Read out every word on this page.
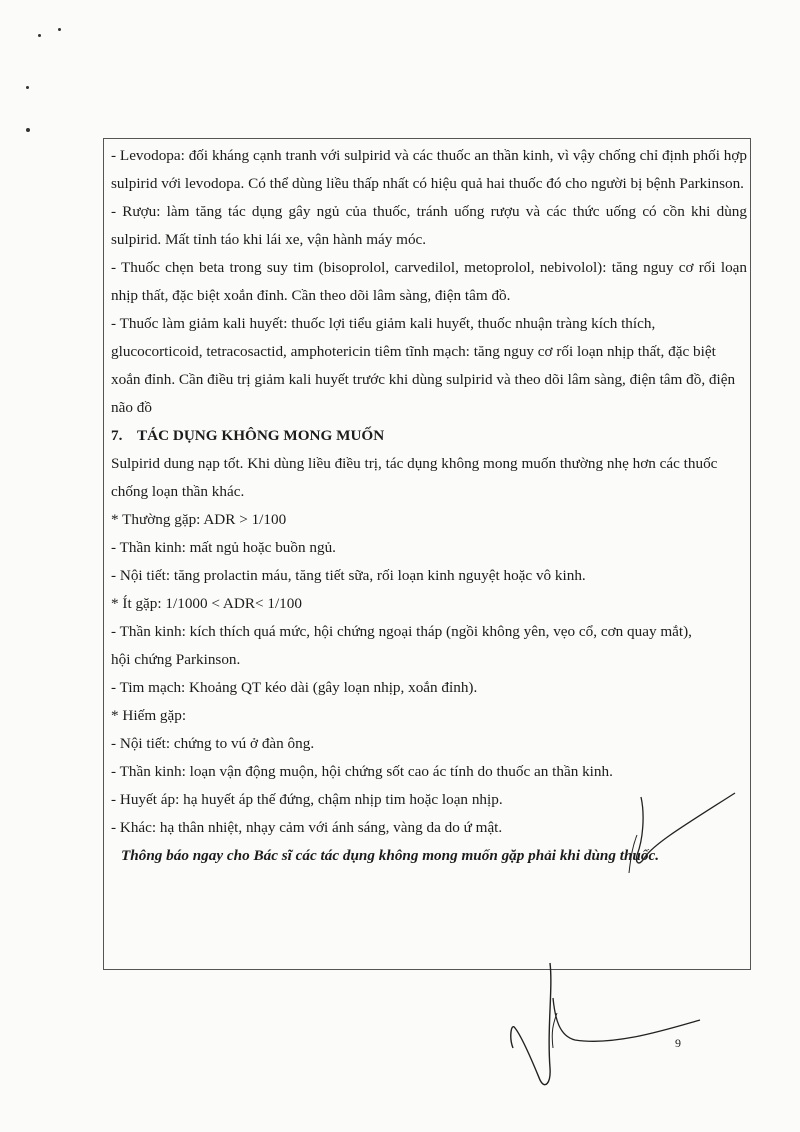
- Levodopa: đối kháng cạnh tranh với sulpirid và các thuốc an thần kinh, vì vậy chống chỉ định phối hợp sulpirid với levodopa. Có thể dùng liều thấp nhất có hiệu quả hai thuốc đó cho người bị bệnh Parkinson.

- Rượu: làm tăng tác dụng gây ngủ của thuốc, tránh uống rượu và các thức uống có cồn khi dùng sulpirid. Mất tỉnh táo khi lái xe, vận hành máy móc.

- Thuốc chẹn beta trong suy tim (bisoprolol, carvedilol, metoprolol, nebivolol): tăng nguy cơ rối loạn nhịp thất, đặc biệt xoắn đỉnh. Cần theo dõi lâm sàng, điện tâm đồ.

- Thuốc làm giảm kali huyết: thuốc lợi tiểu giảm kali huyết, thuốc nhuận tràng kích thích, glucocorticoid, tetracosactid, amphotericin tiêm tĩnh mạch: tăng nguy cơ rối loạn nhịp thất, đặc biệt xoắn đỉnh. Cần điều trị giảm kali huyết trước khi dùng sulpirid và theo dõi lâm sàng, điện tâm đồ, điện não đồ

7. TÁC DỤNG KHÔNG MONG MUỐN

Sulpirid dung nạp tốt. Khi dùng liều điều trị, tác dụng không mong muốn thường nhẹ hơn các thuốc chống loạn thần khác.

* Thường gặp: ADR > 1/100

- Thần kinh: mất ngủ hoặc buồn ngủ.

- Nội tiết: tăng prolactin máu, tăng tiết sữa, rối loạn kinh nguyệt hoặc vô kinh.

* Ít gặp: 1/1000 < ADR< 1/100

- Thần kinh: kích thích quá mức, hội chứng ngoại tháp (ngồi không yên, vẹo cổ, cơn quay mắt), hội chứng Parkinson.

- Tim mạch: Khoảng QT kéo dài (gây loạn nhịp, xoắn đỉnh).

* Hiếm gặp:

- Nội tiết: chứng to vú ở đàn ông.

- Thần kinh: loạn vận động muộn, hội chứng sốt cao ác tính do thuốc an thần kinh.

- Huyết áp: hạ huyết áp thế đứng, chậm nhịp tim hoặc loạn nhịp.

- Khác: hạ thân nhiệt, nhạy cảm với ánh sáng, vàng da do ứ mật.

Thông báo ngay cho Bác sĩ các tác dụng không mong muốn gặp phải khi dùng thuốc.

9
